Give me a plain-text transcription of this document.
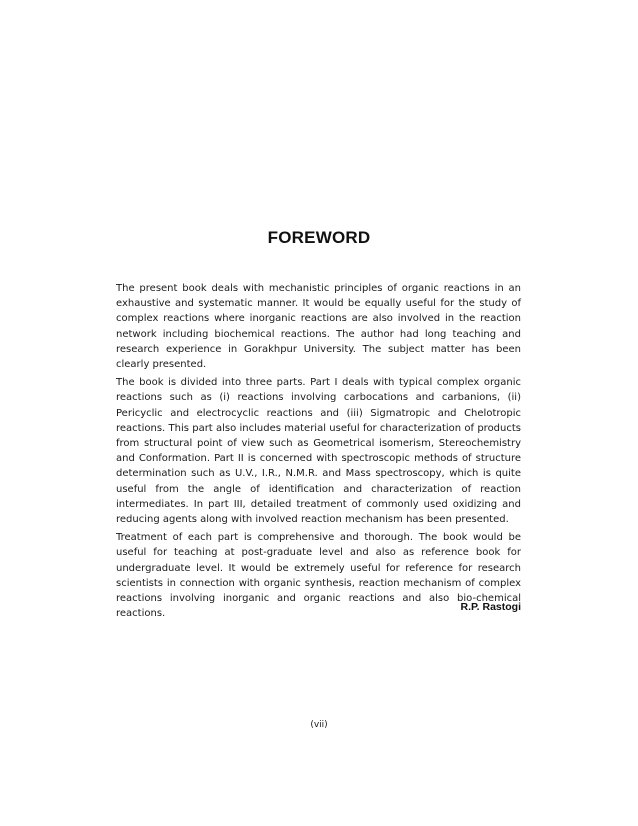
FOREWORD

The present book deals with mechanistic principles of organic reactions in an exhaustive and systematic manner. It would be equally useful for the study of complex reactions where inorganic reactions are also involved in the reaction network including biochemical reactions. The author had long teaching and research experience in Gorakhpur University. The subject matter has been clearly presented.

The book is divided into three parts. Part I deals with typical complex organic reactions such as (i) reactions involving carbocations and carbanions, (ii) Pericyclic and electrocyclic reactions and (iii) Sigmatropic and Chelotropic reactions. This part also includes material useful for characterization of products from structural point of view such as Geometrical isomerism, Stereochemistry and Conformation. Part II is concerned with spectroscopic methods of structure determination such as U.V., I.R., N.M.R. and Mass spectroscopy, which is quite useful from the angle of identification and characterization of reaction intermediates. In part III, detailed treatment of commonly used oxidizing and reducing agents along with involved reaction mechanism has been presented.

Treatment of each part is comprehensive and thorough. The book would be useful for teaching at post-graduate level and also as reference book for undergraduate level. It would be extremely useful for reference for research scientists in connection with organic synthesis, reaction mechanism of complex reactions involving inorganic and organic reactions and also bio-chemical reactions.

R.P. Rastogi
(vii)
